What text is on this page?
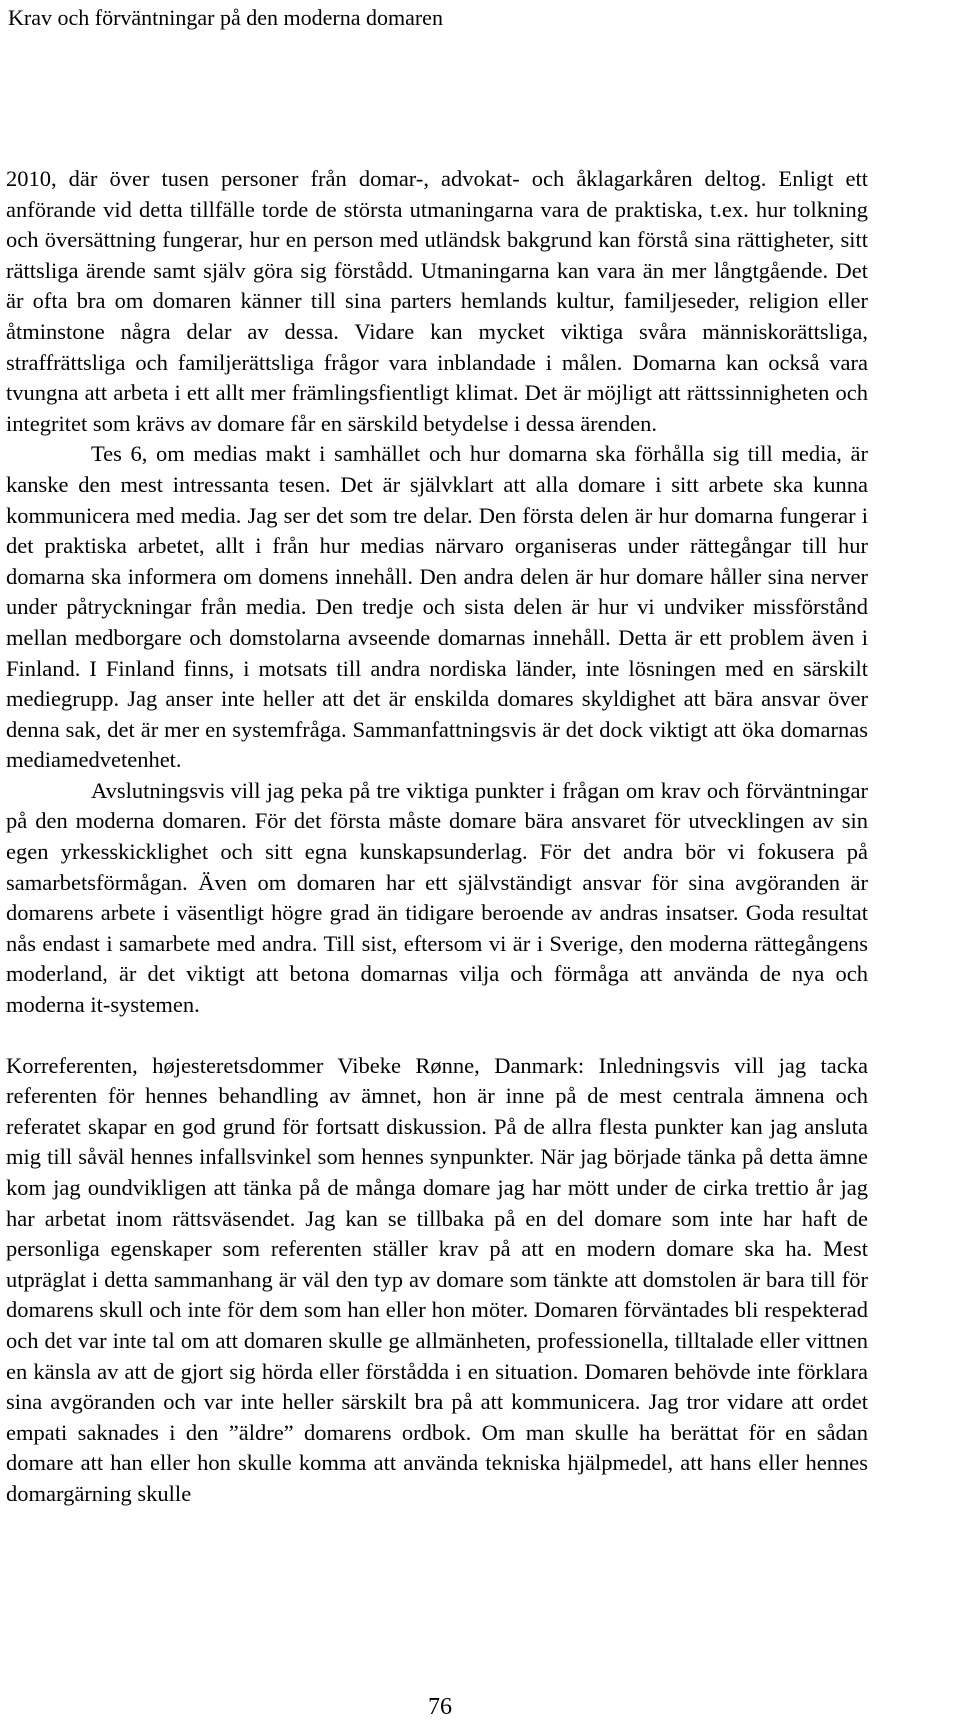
Krav och förväntningar på den moderna domaren

2010, där över tusen personer från domar-, advokat- och åklagarkåren deltog. Enligt ett anförande vid detta tillfälle torde de största utmaningarna vara de praktiska, t.ex. hur tolkning och översättning fungerar, hur en person med utländsk bakgrund kan förstå sina rättigheter, sitt rättsliga ärende samt själv göra sig förstådd. Utmaningarna kan vara än mer långtgående. Det är ofta bra om domaren känner till sina parters hemlands kultur, familjeseder, religion eller åtminstone några delar av dessa. Vidare kan mycket viktiga svåra människorättsliga, straffrättsliga och familjerättsliga frågor vara inblandade i målen. Domarna kan också vara tvungna att arbeta i ett allt mer främlingsfientligt klimat. Det är möjligt att rättssinnigheten och integritet som krävs av domare får en särskild betydelse i dessa ärenden.

Tes 6, om medias makt i samhället och hur domarna ska förhålla sig till media, är kanske den mest intressanta tesen. Det är självklart att alla domare i sitt arbete ska kunna kommunicera med media. Jag ser det som tre delar. Den första delen är hur domarna fungerar i det praktiska arbetet, allt i från hur medias närvaro organiseras under rättegångar till hur domarna ska informera om domens innehåll. Den andra delen är hur domare håller sina nerver under påtryckningar från media. Den tredje och sista delen är hur vi undviker missförstånd mellan medborgare och domstolarna avseende domarnas innehåll. Detta är ett problem även i Finland. I Finland finns, i motsats till andra nordiska länder, inte lösningen med en särskilt mediegrupp. Jag anser inte heller att det är enskilda domares skyldighet att bära ansvar över denna sak, det är mer en systemfråga. Sammanfattningsvis är det dock viktigt att öka domarnas mediamedvetenhet.

Avslutningsvis vill jag peka på tre viktiga punkter i frågan om krav och förväntningar på den moderna domaren. För det första måste domare bära ansvaret för utvecklingen av sin egen yrkesskicklighet och sitt egna kunskapsunderlag. För det andra bör vi fokusera på samarbetsförmågan. Även om domaren har ett självständigt ansvar för sina avgöranden är domarens arbete i väsentligt högre grad än tidigare beroende av andras insatser. Goda resultat nås endast i samarbete med andra. Till sist, eftersom vi är i Sverige, den moderna rättegångens moderland, är det viktigt att betona domarnas vilja och förmåga att använda de nya och moderna it-systemen.

Korreferenten, højesteretsdommer Vibeke Rønne, Danmark: Inledningsvis vill jag tacka referenten för hennes behandling av ämnet, hon är inne på de mest centrala ämnena och referatet skapar en god grund för fortsatt diskussion. På de allra flesta punkter kan jag ansluta mig till såväl hennes infallsvinkel som hennes synpunkter. När jag började tänka på detta ämne kom jag oundvikligen att tänka på de många domare jag har mött under de cirka trettio år jag har arbetat inom rättsväsendet. Jag kan se tillbaka på en del domare som inte har haft de personliga egenskaper som referenten ställer krav på att en modern domare ska ha. Mest utpräglat i detta sammanhang är väl den typ av domare som tänkte att domstolen är bara till för domarens skull och inte för dem som han eller hon möter. Domaren förväntades bli respekterad och det var inte tal om att domaren skulle ge allmänheten, professionella, tilltalade eller vittnen en känsla av att de gjort sig hörda eller förstådda i en situation. Domaren behövde inte förklara sina avgöranden och var inte heller särskilt bra på att kommunicera. Jag tror vidare att ordet empati saknades i den ”äldre” domarens ordbok. Om man skulle ha berättat för en sådan domare att han eller hon skulle komma att använda tekniska hjälpmedel, att hans eller hennes domargärning skulle

76
